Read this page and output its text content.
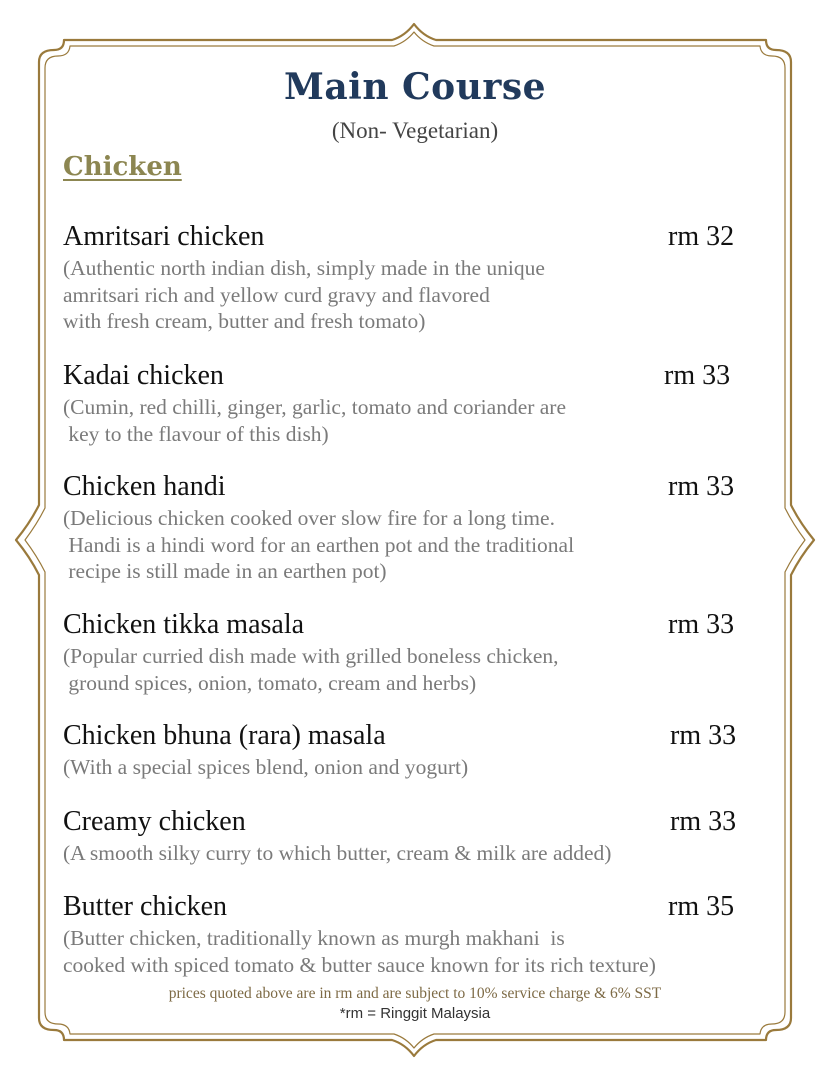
Main Course
(Non- Vegetarian)
Chicken
Amritsari chicken	rm 32
(Authentic north indian dish, simply made in the unique
amritsari rich and yellow curd gravy and flavored
with fresh cream, butter and fresh tomato)
Kadai chicken	rm 33
(Cumin, red chilli, ginger, garlic, tomato and coriander are
key to the flavour of this dish)
Chicken handi	rm 33
(Delicious chicken cooked over slow fire for a long time.
Handi is a hindi word for an earthen pot and the traditional
recipe is still made in an earthen pot)
Chicken tikka masala	rm 33
(Popular curried dish made with grilled boneless chicken,
ground spices, onion, tomato, cream and herbs)
Chicken bhuna (rara) masala	rm 33
(With a special spices blend, onion and yogurt)
Creamy chicken	rm 33
(A smooth silky curry to which butter, cream & milk are added)
Butter chicken	rm 35
(Butter chicken, traditionally known as murgh makhani  is
cooked with spiced tomato & butter sauce known for its rich texture)
prices quoted above are in rm and are subject to 10% service charge & 6% SST
*rm = Ringgit Malaysia
